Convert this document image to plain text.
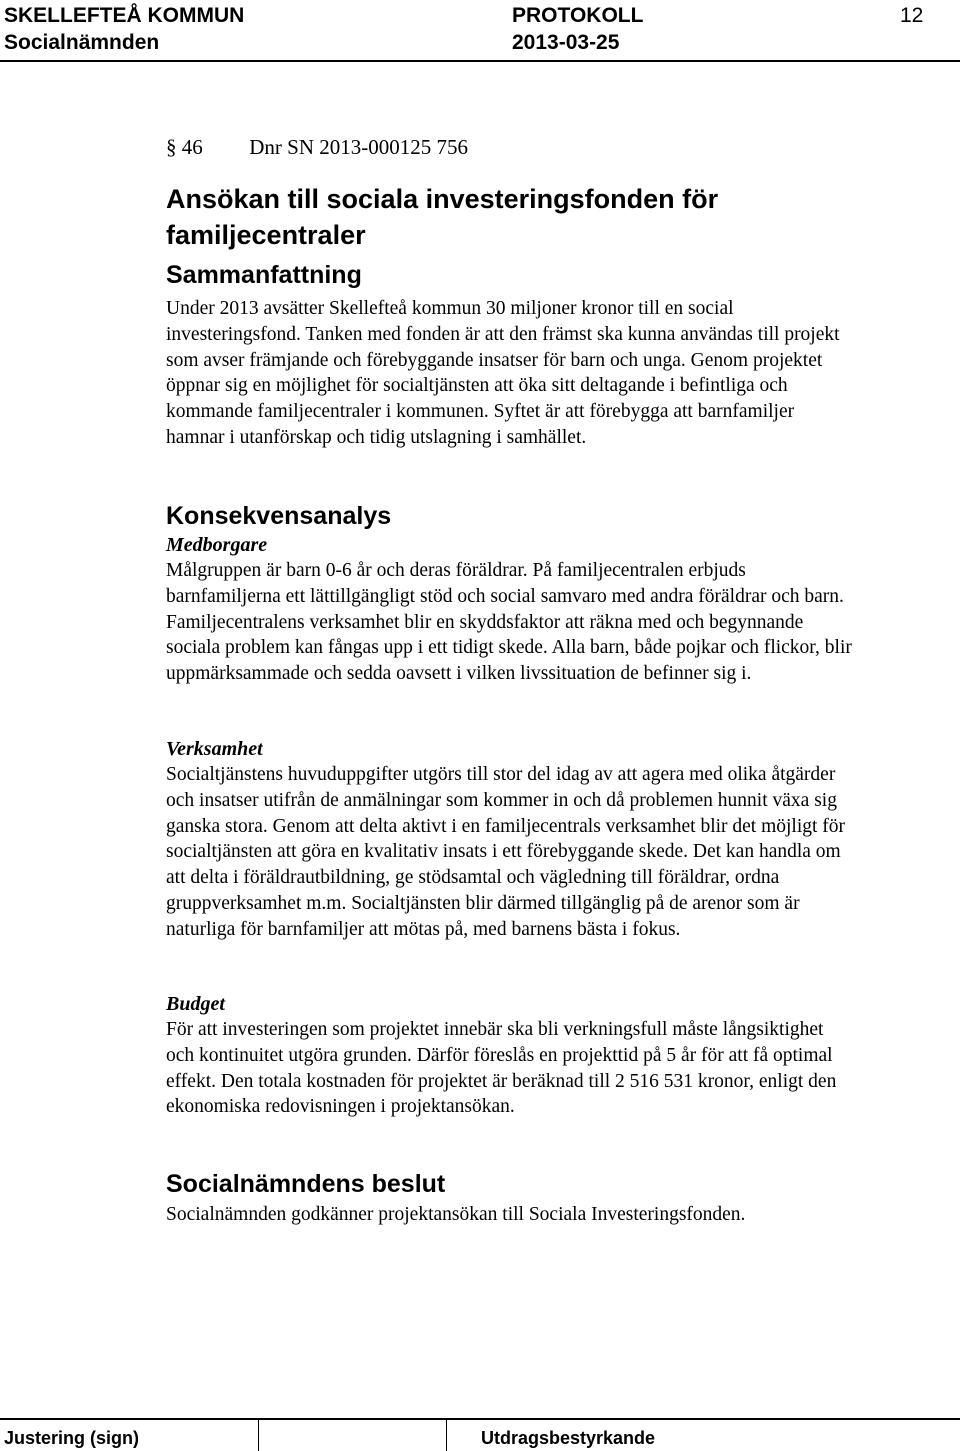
SKELLEFTEÅ KOMMUN	PROTOKOLL	12
Socialnämnden	2013-03-25
§ 46 Dnr SN 2013-000125 756
Ansökan till sociala investeringsfonden för familjecentraler
Sammanfattning
Under 2013 avsätter Skellefteå kommun 30 miljoner kronor till en social investeringsfond. Tanken med fonden är att den främst ska kunna användas till projekt som avser främjande och förebyggande insatser för barn och unga. Genom projektet öppnar sig en möjlighet för socialtjänsten att öka sitt deltagande i befintliga och kommande familjecentraler i kommunen. Syftet är att förebygga att barnfamiljer hamnar i utanförskap och tidig utslagning i samhället.
Konsekvensanalys
Medborgare
Målgruppen är barn 0-6 år och deras föräldrar. På familjecentralen erbjuds barnfamiljerna ett lättillgängligt stöd och social samvaro med andra föräldrar och barn. Familjecentralens verksamhet blir en skyddsfaktor att räkna med och begynnande sociala problem kan fångas upp i ett tidigt skede. Alla barn, både pojkar och flickor, blir uppmärksammade och sedda oavsett i vilken livssituation de befinner sig i.
Verksamhet
Socialtjänstens huvuduppgifter utgörs till stor del idag av att agera med olika åtgärder och insatser utifrån de anmälningar som kommer in och då problemen hunnit växa sig ganska stora. Genom att delta aktivt i en familjecentrals verksamhet blir det möjligt för socialtjänsten att göra en kvalitativ insats i ett förebyggande skede. Det kan handla om att delta i föräldrautbildning, ge stödsamtal och vägledning till föräldrar, ordna gruppverksamhet m.m. Socialtjänsten blir därmed tillgänglig på de arenor som är naturliga för barnfamiljer att mötas på, med barnens bästa i fokus.
Budget
För att investeringen som projektet innebär ska bli verkningsfull måste långsiktighet och kontinuitet utgöra grunden. Därför föreslås en projekttid på 5 år för att få optimal effekt. Den totala kostnaden för projektet är beräknad till 2 516 531 kronor, enligt den ekonomiska redovisningen i projektansökan.
Socialnämndens beslut
Socialnämnden godkänner projektansökan till Sociala Investeringsfonden.
Justering (sign)	Utdragsbestyrkande
